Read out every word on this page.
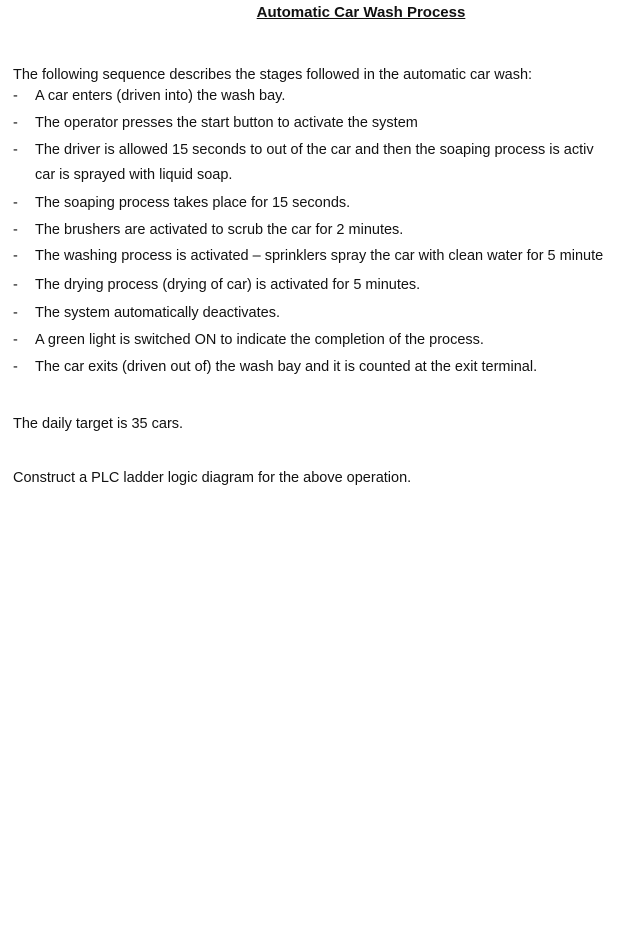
Automatic Car Wash Process
The following sequence describes the stages followed in the automatic car wash:
-	A car enters (driven into) the wash bay.
-	The operator presses the start button to activate the system
-	The driver is allowed 15 seconds to out of the car and then the soaping process is activ
car is sprayed with liquid soap.
-	The soaping process takes place for 15 seconds.
-	The brushers are activated to scrub the car for 2 minutes.
-	The washing process is activated – sprinklers spray the car with clean water for 5 minute
-	The drying process (drying of car) is activated for 5 minutes.
-	The system automatically deactivates.
-	A green light is switched ON to indicate the completion of the process.
-	The car exits (driven out of) the wash bay and it is counted at the exit terminal.
The daily target is 35 cars.
Construct a PLC ladder logic diagram for the above operation.
